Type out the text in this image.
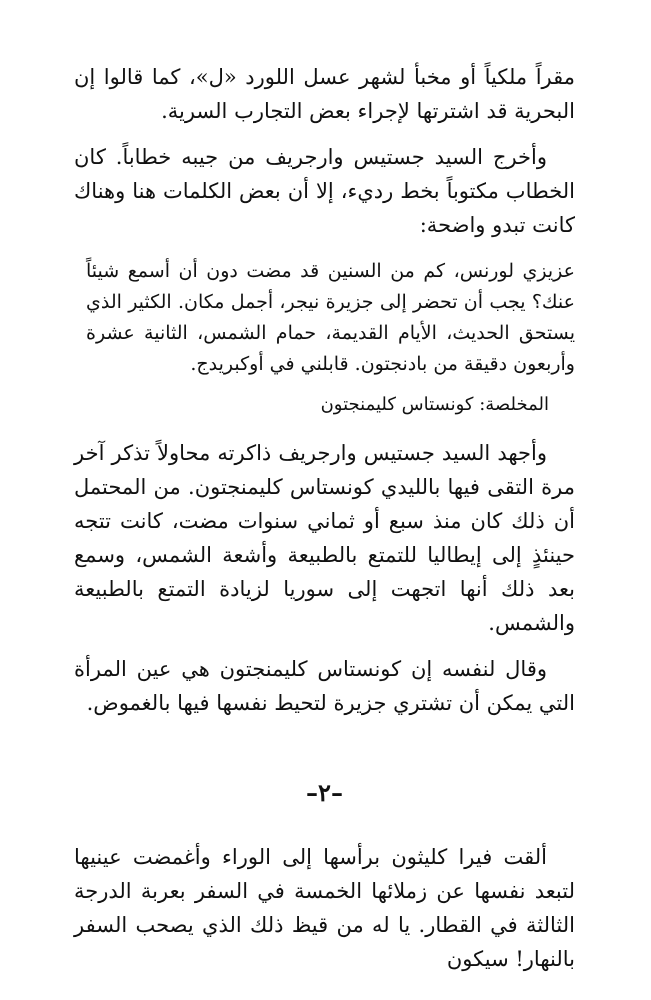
مقراً ملكياً أو مخبأ لشهر عسل اللورد «ل»، كما قالوا إن البحرية قد اشترتها لإجراء بعض التجارب السرية.

وأخرج السيد جستيس وارجريف من جيبه خطاباً. كان الخطاب مكتوباً بخط رديء، إلا أن بعض الكلمات هنا وهناك كانت تبدو واضحة:

عزيزي لورنس، كم من السنين قد مضت دون أن أسمع شيئاً عنك؟ يجب أن تحضر إلى جزيرة نيجر، أجمل مكان. الكثير الذي يستحق الحديث، الأيام القديمة، حمام الشمس، الثانية عشرة وأربعون دقيقة من بادنجتون. قابلني في أوكبريدج.

المخلصة: كونستاس كليمنجتون

وأجهد السيد جستيس وارجريف ذاكرته محاولاً تذكر آخر مرة التقى فيها بالليدي كونستاس كليمنجتون. من المحتمل أن ذلك كان منذ سبع أو ثماني سنوات مضت، كانت تتجه حينئذٍ إلى إيطاليا للتمتع بالطبيعة وأشعة الشمس، وسمع بعد ذلك أنها اتجهت إلى سوريا لزيادة التمتع بالطبيعة والشمس.

وقال لنفسه إن كونستاس كليمنجتون هي عين المرأة التي يمكن أن تشتري جزيرة لتحيط نفسها فيها بالغموض.

–٢–

ألقت فيرا كليثون برأسها إلى الوراء وأغمضت عينيها لتبعد نفسها عن زملائها الخمسة في السفر بعربة الدرجة الثالثة في القطار. يا له من قيظ ذلك الذي يصحب السفر بالنهار! سيكون
